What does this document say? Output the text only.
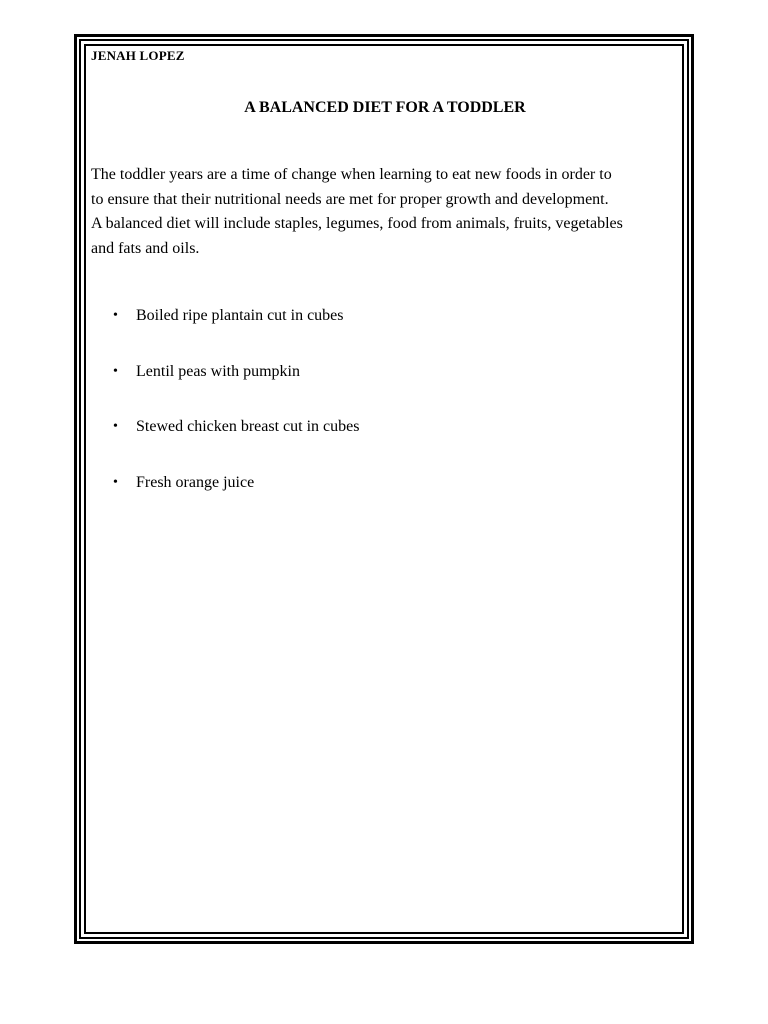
JENAH LOPEZ
A BALANCED DIET FOR A TODDLER

The toddler years are a time of change when learning to eat new foods in order to

to ensure that their nutritional needs are met for proper growth and development.

A balanced diet will include staples, legumes, food from animals, fruits, vegetables

and fats and oils.

• Boiled ripe plantain cut in cubes
• Lentil peas with pumpkin
• Stewed chicken breast cut in cubes
• Fresh orange juice
